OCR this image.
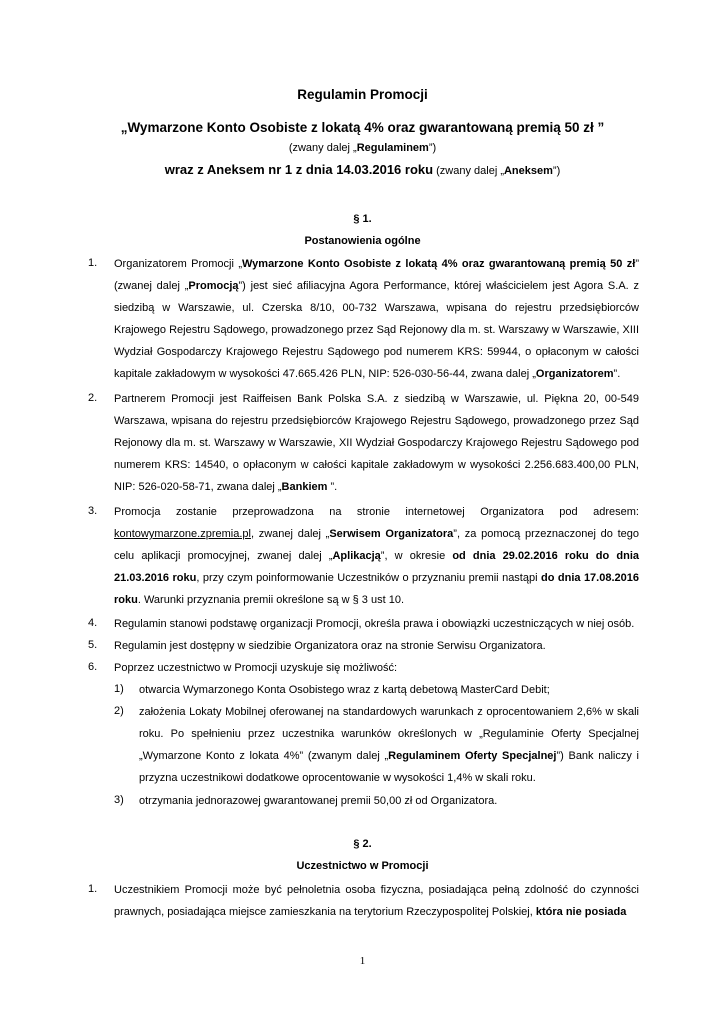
Regulamin Promocji
„Wymarzone Konto Osobiste z lokatą 4% oraz gwarantowaną premią 50 zł ”
(zwany dalej „Regulaminem”)
wraz z Aneksem nr 1 z dnia 14.03.2016 roku (zwany dalej „Aneksem”)
§ 1.
Postanowienia ogólne
1. Organizatorem Promocji „Wymarzone Konto Osobiste z lokatą 4% oraz gwarantowaną premią 50 zł” (zwanej dalej „Promocją”) jest sieć afiliacyjna Agora Performance, której właścicielem jest Agora S.A. z siedzibą w Warszawie, ul. Czerska 8/10, 00-732 Warszawa, wpisana do rejestru przedsiębiorców Krajowego Rejestru Sądowego, prowadzonego przez Sąd Rejonowy dla m. st. Warszawy w Warszawie, XIII Wydział Gospodarczy Krajowego Rejestru Sądowego pod numerem KRS: 59944, o opłaconym w całości kapitale zakładowym w wysokości 47.665.426 PLN, NIP: 526-030-56-44, zwana dalej „Organizatorem”.
2. Partnerem Promocji jest Raiffeisen Bank Polska S.A. z siedzibą w Warszawie, ul. Piękna 20, 00-549 Warszawa, wpisana do rejestru przedsiębiorców Krajowego Rejestru Sądowego, prowadzonego przez Sąd Rejonowy dla m. st. Warszawy w Warszawie, XII Wydział Gospodarczy Krajowego Rejestru Sądowego pod numerem KRS: 14540, o opłaconym w całości kapitale zakładowym w wysokości 2.256.683.400,00 PLN, NIP: 526-020-58-71, zwana dalej „Bankiem ”.
3. Promocja zostanie przeprowadzona na stronie internetowej Organizatora pod adresem: kontowymarzone.zpremia.pl, zwanej dalej „Serwisem Organizatora”, za pomocą przeznaczonej do tego celu aplikacji promocyjnej, zwanej dalej „Aplikacją”, w okresie od dnia 29.02.2016 roku do dnia 21.03.2016 roku, przy czym poinformowanie Uczestników o przyznaniu premii nastąpi do dnia 17.08.2016 roku. Warunki przyznania premii określone są w § 3 ust 10.
4. Regulamin stanowi podstawę organizacji Promocji, określa prawa i obowiązki uczestniczących w niej osób.
5. Regulamin jest dostępny w siedzibie Organizatora oraz na stronie Serwisu Organizatora.
6. Poprzez uczestnictwo w Promocji uzyskuje się możliwość:
1) otwarcia Wymarzonego Konta Osobistego wraz z kartą debetową MasterCard Debit;
2) założenia Lokaty Mobilnej oferowanej na standardowych warunkach z oprocentowaniem 2,6% w skali roku. Po spełnieniu przez uczestnika warunków określonych w „Regulaminie Oferty Specjalnej „Wymarzone Konto z lokata 4%” (zwanym dalej „Regulaminem Oferty Specjalnej”) Bank naliczy i przyzna uczestnikowi dodatkowe oprocentowanie w wysokości 1,4% w skali roku.
3) otrzymania jednorazowej gwarantowanej premii 50,00 zł od Organizatora.
§ 2.
Uczestnictwo w Promocji
1. Uczestnikiem Promocji może być pełnoletnia osoba fizyczna, posiadająca pełną zdolność do czynności prawnych, posiadająca miejsce zamieszkania na terytorium Rzeczypospolitej Polskiej, która nie posiada
1
